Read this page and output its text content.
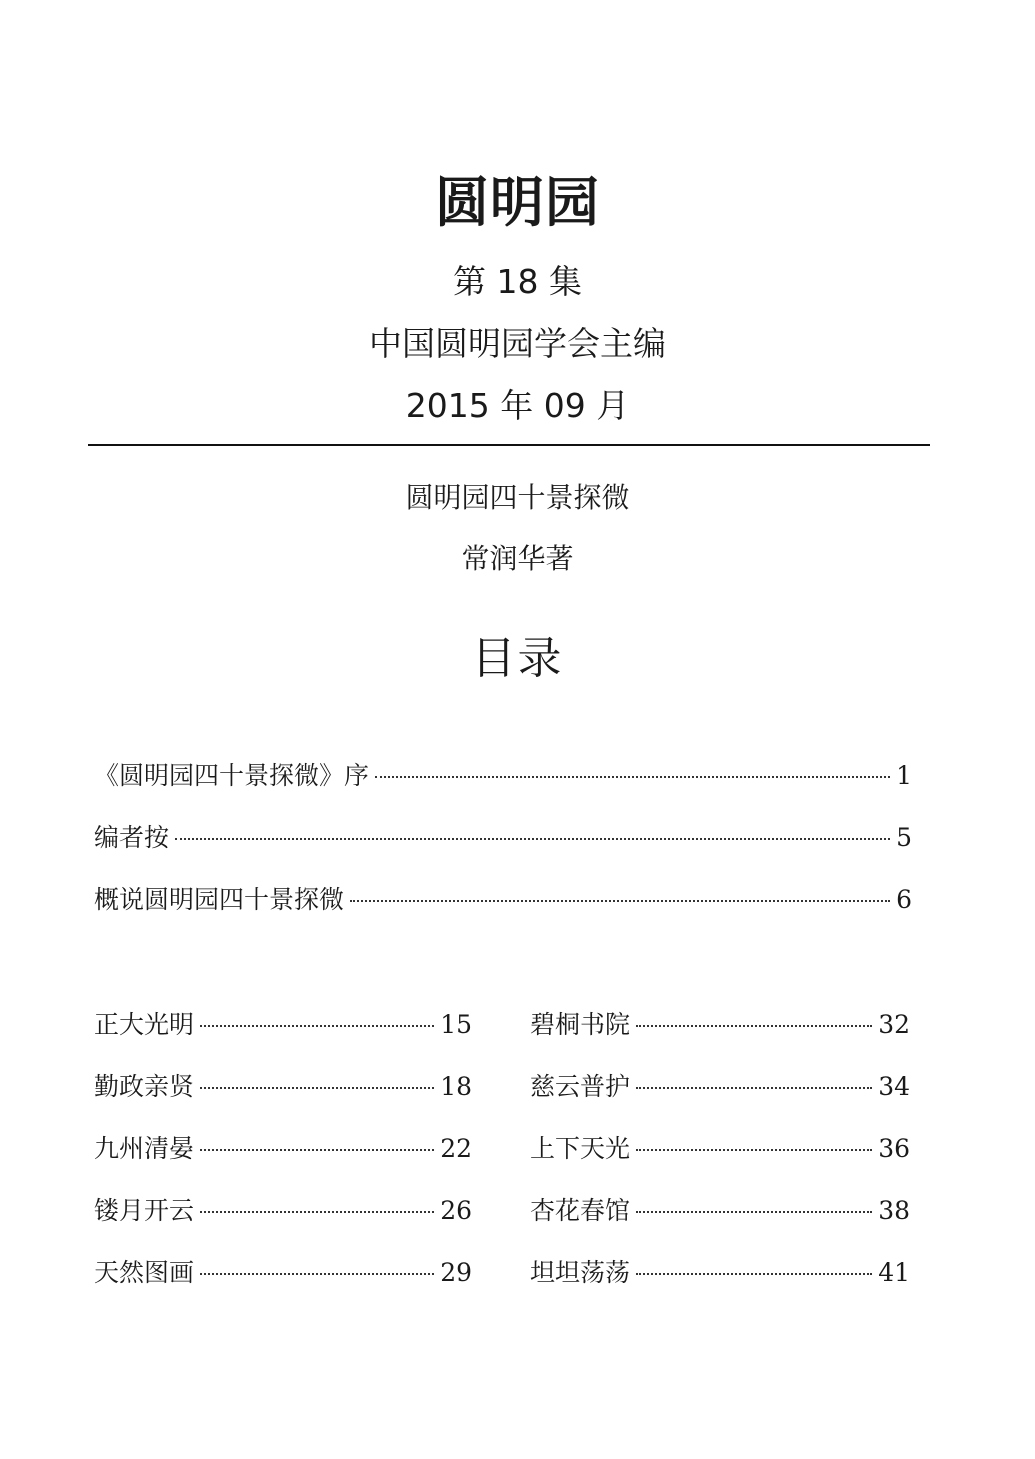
圆明园
第 18 集
中国圆明园学会主编
2015 年 09 月
圆明园四十景探微
常润华著
目录
《圆明园四十景探微》序	1
编者按	5
概说圆明园四十景探微	6
正大光明	15
勤政亲贤	18
九州清晏	22
镂月开云	26
天然图画	29
碧桐书院	32
慈云普护	34
上下天光	36
杏花春馆	38
坦坦荡荡	41
